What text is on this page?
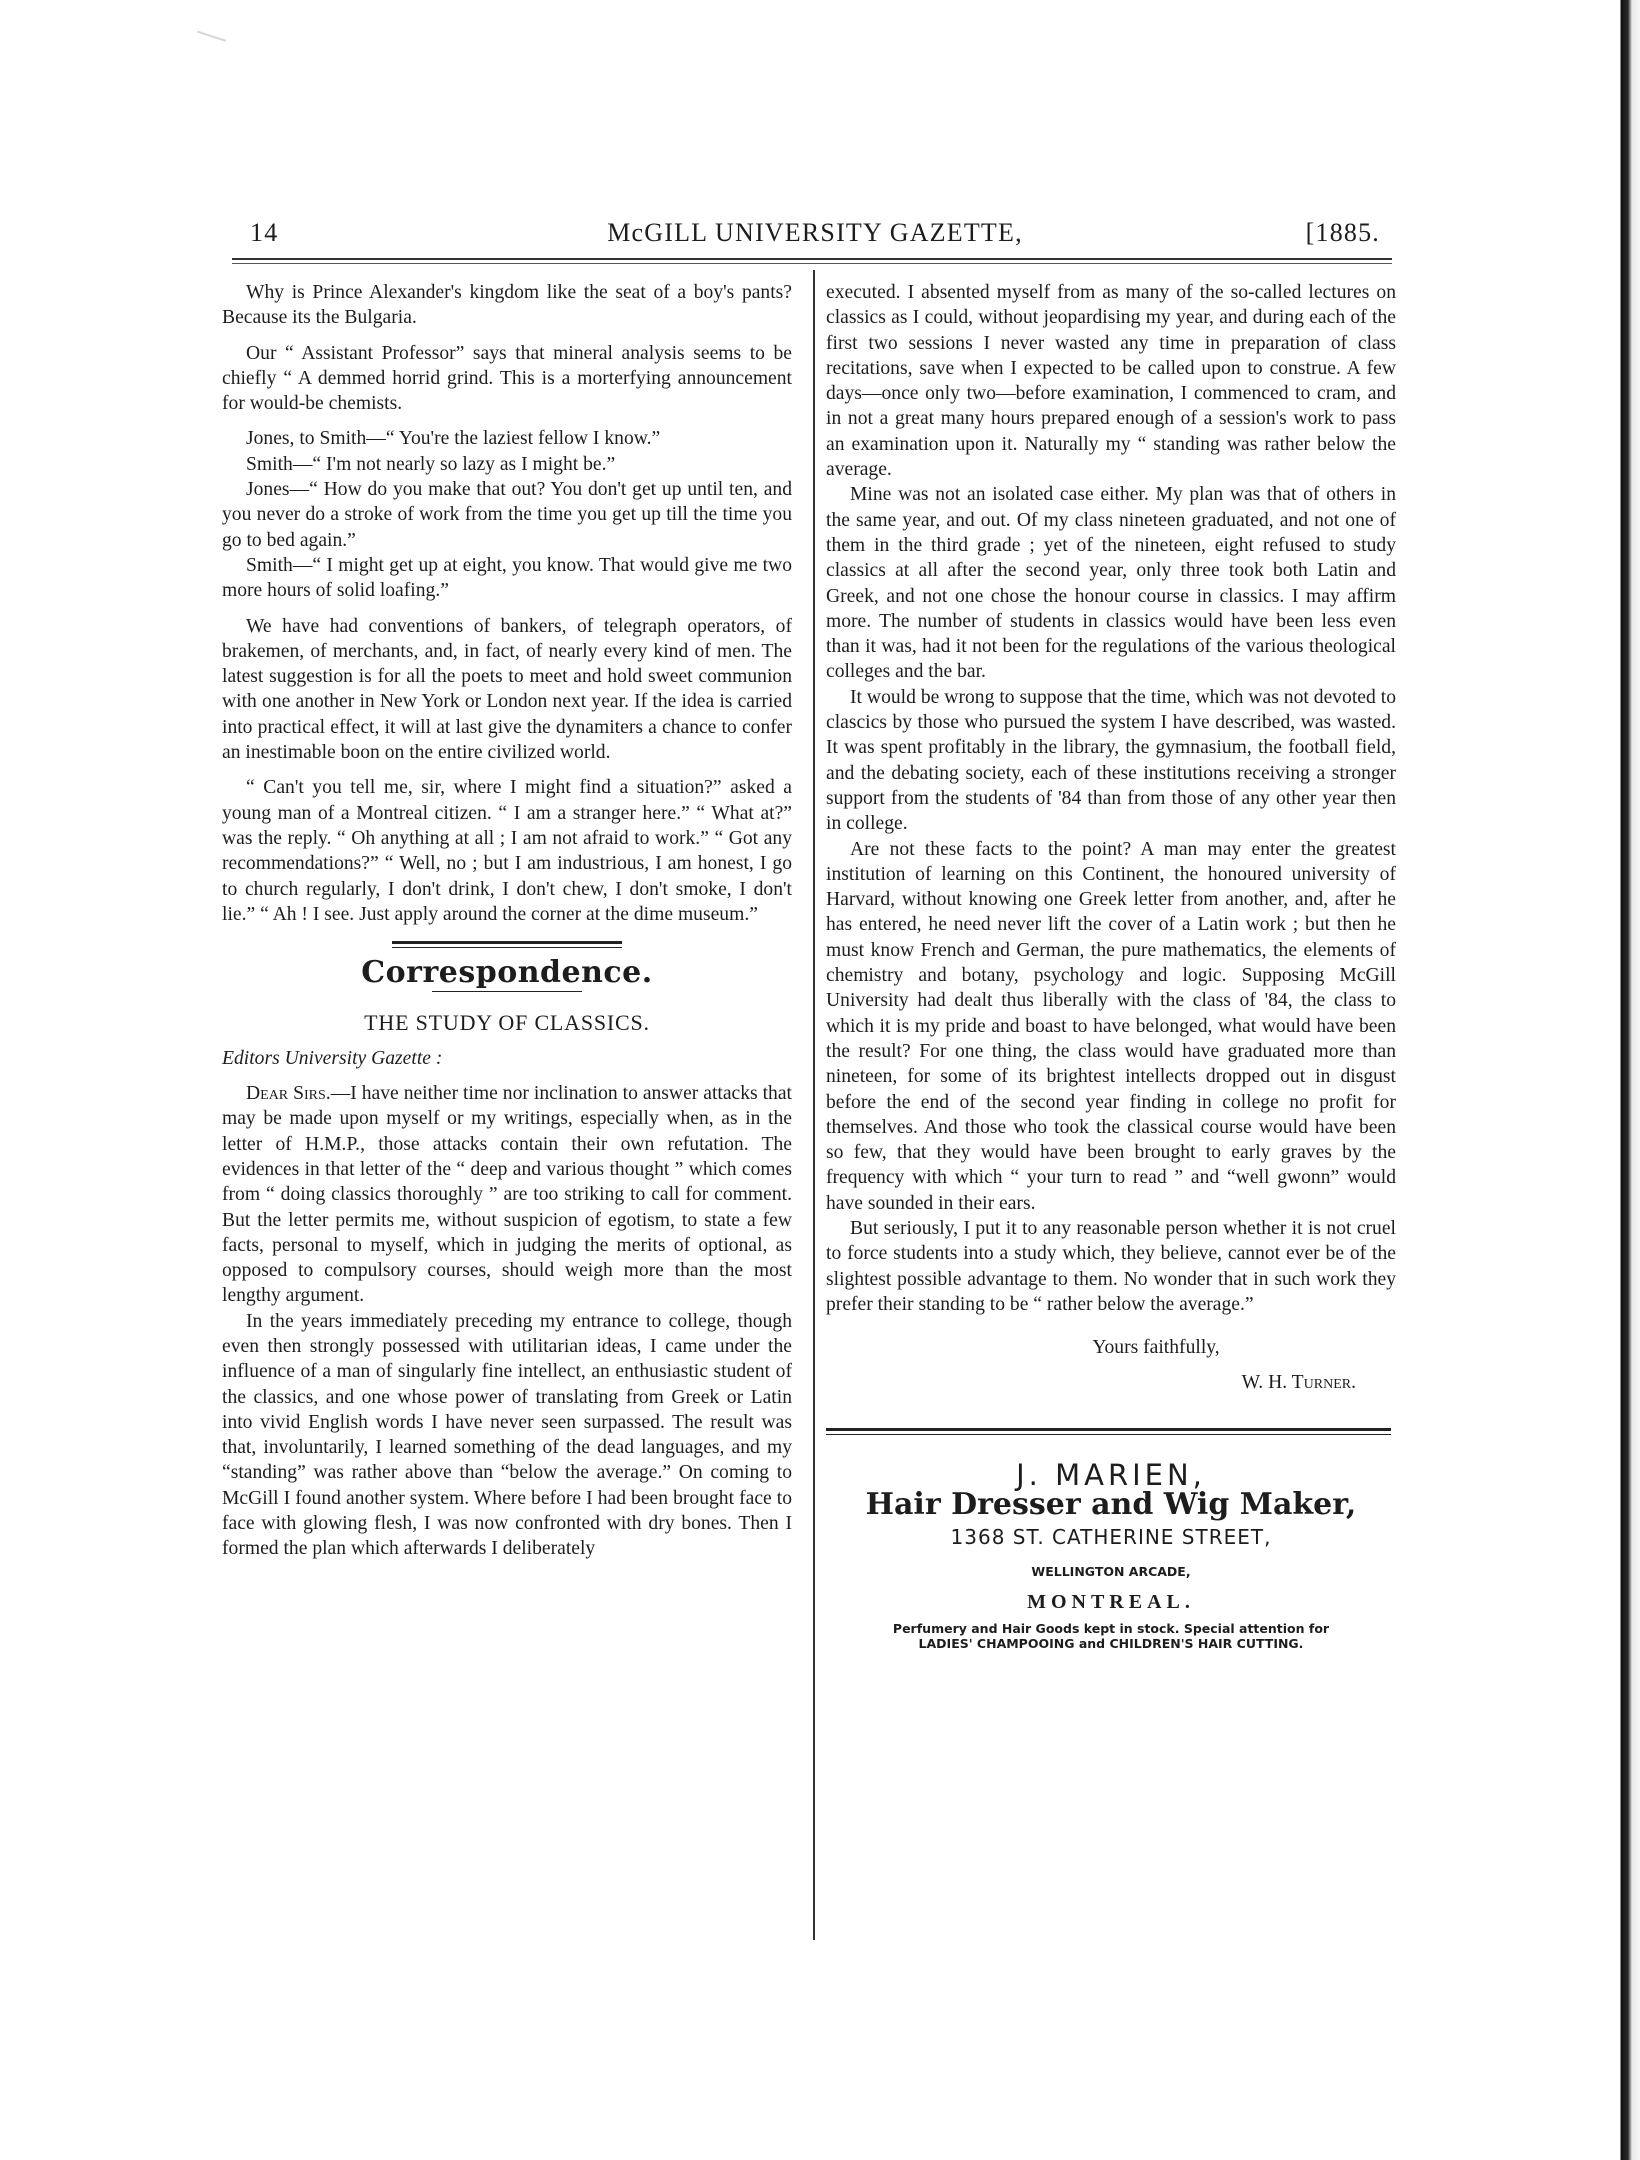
14	McGILL UNIVERSITY GAZETTE,	[1885.

Why is Prince Alexander's kingdom like the seat of a boy's pants? Because its the Bulgaria.

Our “ Assistant Professor” says that mineral analysis seems to be chiefly “ A demmed horrid grind. This is a morterfying announcement for would-be chemists.

Jones, to Smith—“ You're the laziest fellow I know.”

Smith—“ I'm not nearly so lazy as I might be.”

Jones—“ How do you make that out? You don't get up until ten, and you never do a stroke of work from the time you get up till the time you go to bed again.”

Smith—“ I might get up at eight, you know. That would give me two more hours of solid loafing.”

We have had conventions of bankers, of telegraph operators, of brakemen, of merchants, and, in fact, of nearly every kind of men. The latest suggestion is for all the poets to meet and hold sweet communion with one another in New York or London next year. If the idea is carried into practical effect, it will at last give the dynamiters a chance to confer an inestimable boon on the entire civilized world.

“ Can't you tell me, sir, where I might find a situation?” asked a young man of a Montreal citizen. “ I am a stranger here.” “ What at?” was the reply. “ Oh anything at all ; I am not afraid to work.” “ Got any recommendations?” “ Well, no ; but I am industrious, I am honest, I go to church regularly, I don't drink, I don't chew, I don't smoke, I don't lie.” “ Ah ! I see. Just apply around the corner at the dime museum.”

Correspondence.
THE STUDY OF CLASSICS.
Editors University Gazette :

Dear Sirs.—I have neither time nor inclination to answer attacks that may be made upon myself or my writings, especially when, as in the letter of H.M.P., those attacks contain their own refutation. The evidences in that letter of the “ deep and various thought ” which comes from “ doing classics thoroughly ” are too striking to call for comment. But the letter permits me, without suspicion of egotism, to state a few facts, personal to myself, which in judging the merits of optional, as opposed to compulsory courses, should weigh more than the most lengthy argument.

In the years immediately preceding my entrance to college, though even then strongly possessed with utilitarian ideas, I came under the influence of a man of singularly fine intellect, an enthusiastic student of the classics, and one whose power of translating from Greek or Latin into vivid English words I have never seen surpassed. The result was that, involuntarily, I learned something of the dead languages, and my “standing” was rather above than “below the average.” On coming to McGill I found another system. Where before I had been brought face to face with glowing flesh, I was now confronted with dry bones. Then I formed the plan which afterwards I deliberately

executed. I absented myself from as many of the so-called lectures on classics as I could, without jeopardising my year, and during each of the first two sessions I never wasted any time in preparation of class recitations, save when I expected to be called upon to construe. A few days—once only two—before examination, I commenced to cram, and in not a great many hours prepared enough of a session's work to pass an examination upon it. Naturally my “ standing was rather below the average.

Mine was not an isolated case either. My plan was that of others in the same year, and out. Of my class nineteen graduated, and not one of them in the third grade ; yet of the nineteen, eight refused to study classics at all after the second year, only three took both Latin and Greek, and not one chose the honour course in classics. I may affirm more. The number of students in classics would have been less even than it was, had it not been for the regulations of the various theological colleges and the bar.

It would be wrong to suppose that the time, which was not devoted to clascics by those who pursued the system I have described, was wasted. It was spent profitably in the library, the gymnasium, the football field, and the debating society, each of these institutions receiving a stronger support from the students of '84 than from those of any other year then in college.

Are not these facts to the point? A man may enter the greatest institution of learning on this Continent, the honoured university of Harvard, without knowing one Greek letter from another, and, after he has entered, he need never lift the cover of a Latin work ; but then he must know French and German, the pure mathematics, the elements of chemistry and botany, psychology and logic. Supposing McGill University had dealt thus liberally with the class of '84, the class to which it is my pride and boast to have belonged, what would have been the result? For one thing, the class would have graduated more than nineteen, for some of its brightest intellects dropped out in disgust before the end of the second year finding in college no profit for themselves. And those who took the classical course would have been so few, that they would have been brought to early graves by the frequency with which “ your turn to read ” and “well gwonn” would have sounded in their ears.

But seriously, I put it to any reasonable person whether it is not cruel to force students into a study which, they believe, cannot ever be of the slightest possible advantage to them. No wonder that in such work they prefer their standing to be “ rather below the average.”

Yours faithfully,
W. H. Turner.
J. MARIEN,
Hair Dresser and Wig Maker,
1368 ST. CATHERINE STREET,
WELLINGTON ARCADE,
MONTREAL.
Perfumery and Hair Goods kept in stock. Special attention for
LADIES' CHAMPOOING and CHILDREN'S HAIR CUTTING.
